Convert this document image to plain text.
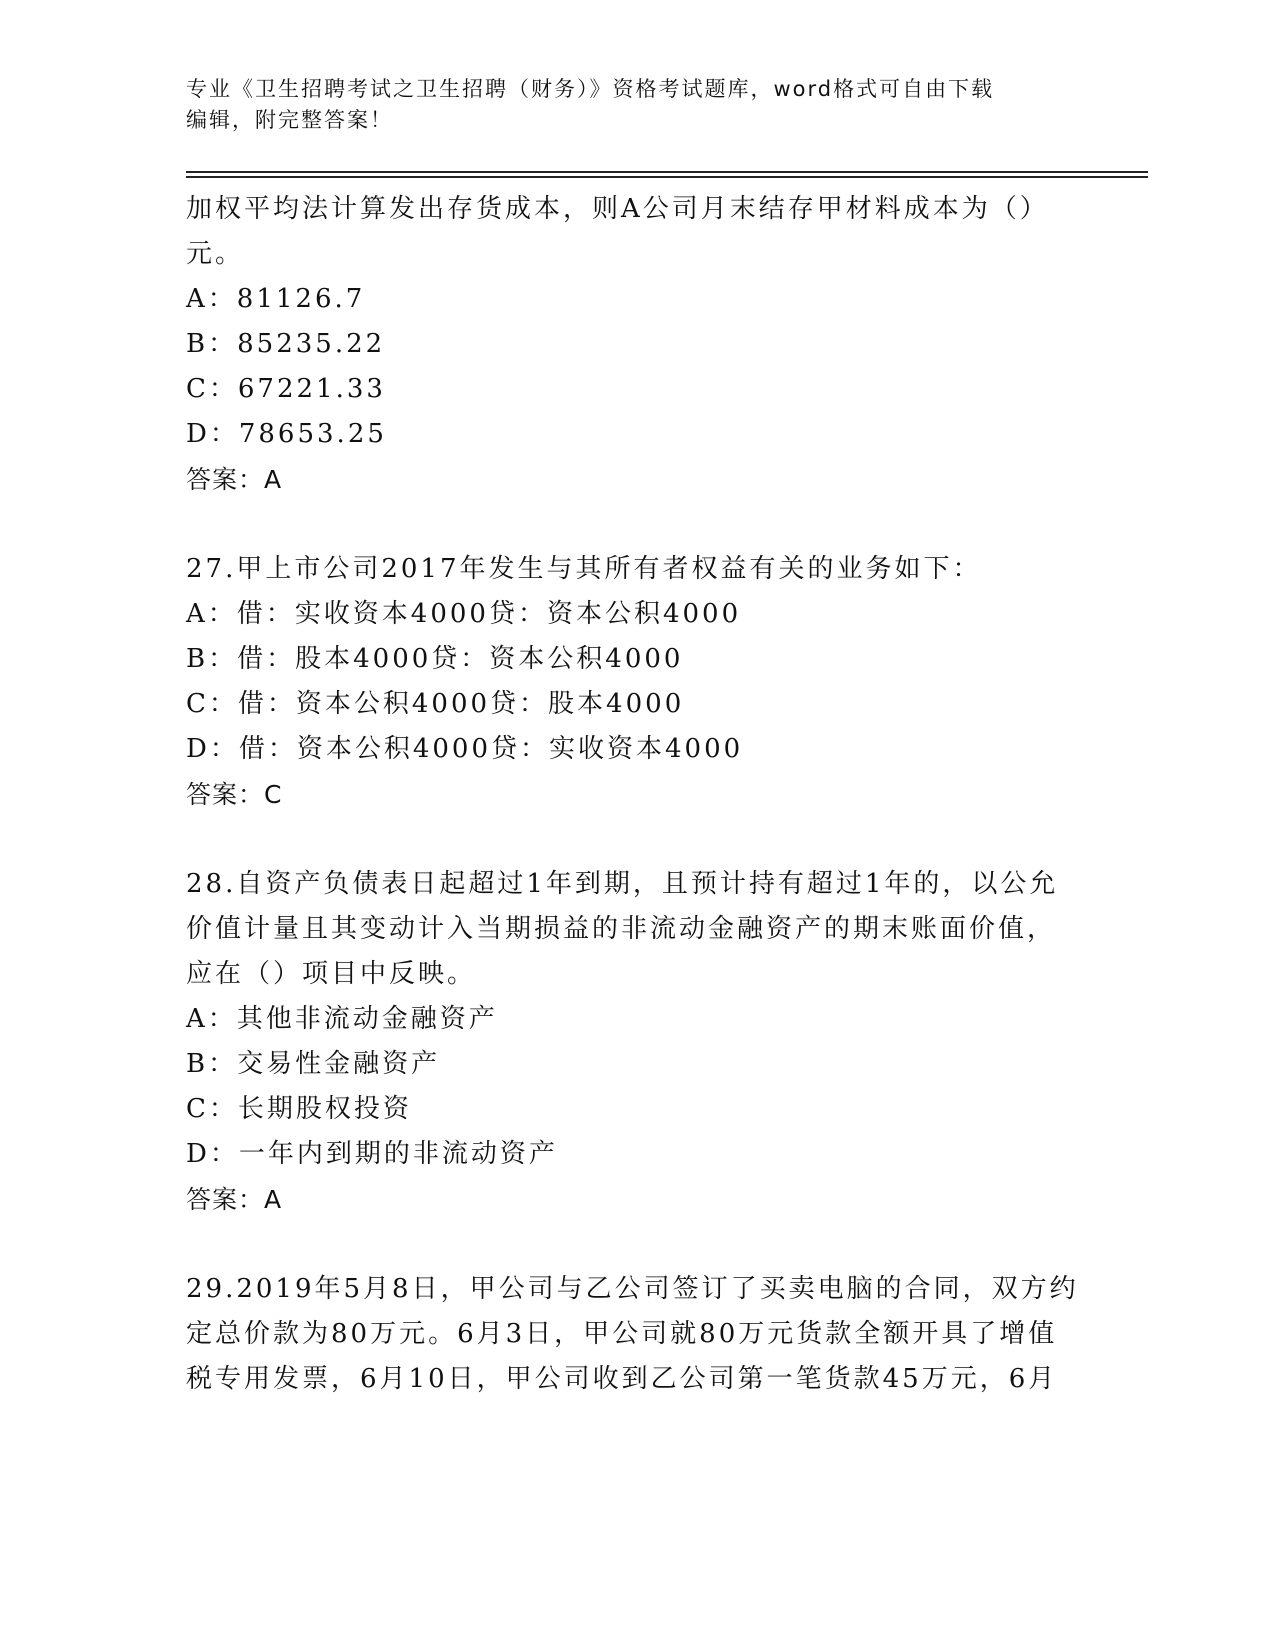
专业《卫生招聘考试之卫生招聘（财务）》资格考试题库，word格式可自由下载
编辑，附完整答案！
加权平均法计算发出存货成本，则A公司月末结存甲材料成本为（）
元。
A：81126.7
B：85235.22
C：67221.33
D：78653.25
答案：A
27.甲上市公司2017年发生与其所有者权益有关的业务如下：
A：借：实收资本4000贷：资本公积4000
B：借：股本4000贷：资本公积4000
C：借：资本公积4000贷：股本4000
D：借：资本公积4000贷：实收资本4000
答案：C
28.自资产负债表日起超过1年到期，且预计持有超过1年的，以公允
价值计量且其变动计入当期损益的非流动金融资产的期末账面价值，
应在（）项目中反映。
A：其他非流动金融资产
B：交易性金融资产
C：长期股权投资
D：一年内到期的非流动资产
答案：A
29.2019年5月8日，甲公司与乙公司签订了买卖电脑的合同，双方约
定总价款为80万元。6月3日，甲公司就80万元货款全额开具了增值
税专用发票，6月10日，甲公司收到乙公司第一笔货款45万元，6月
